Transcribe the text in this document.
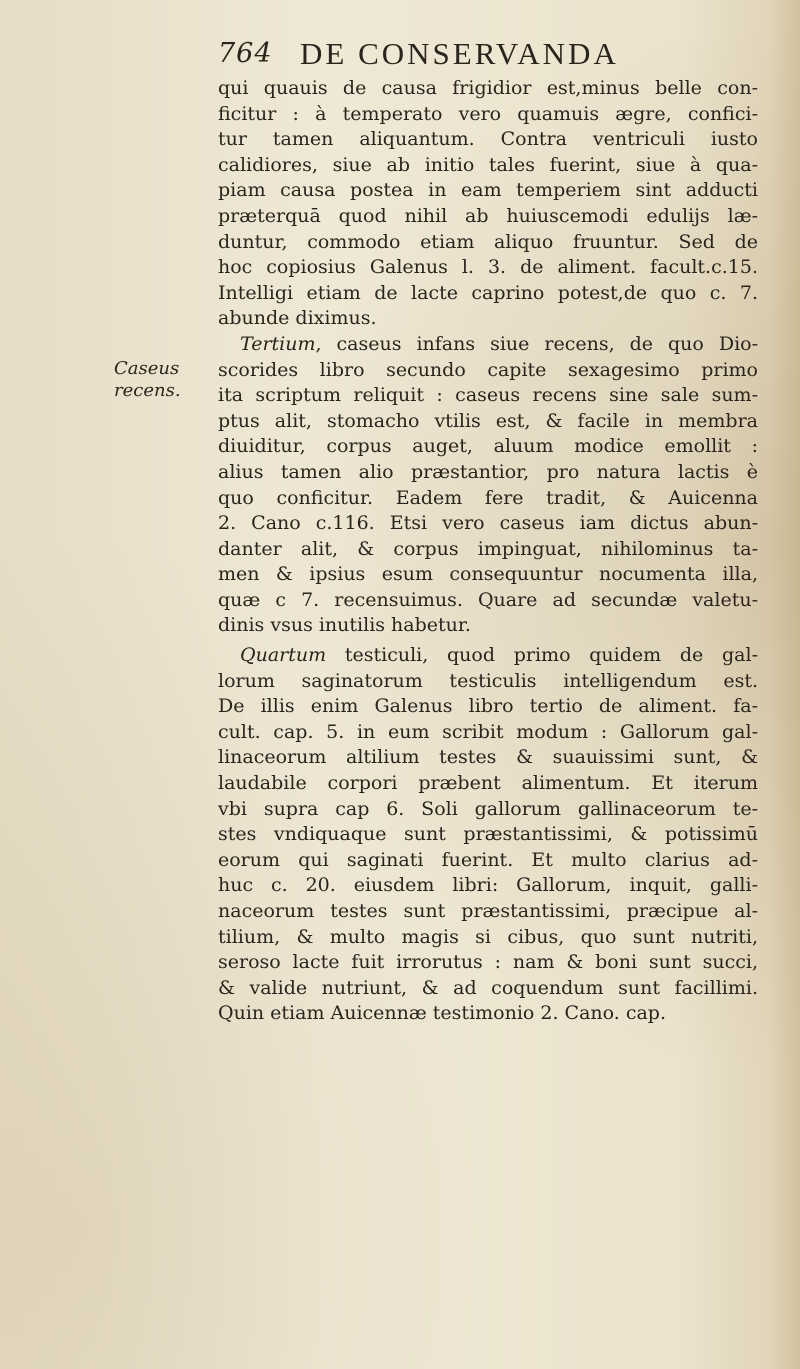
764 DE CONSERVANDA
Caseus
recens.
qui quauis de causa frigidior est,minus belle con-
ficitur : à temperato vero quamuis ægre, confici-
tur tamen aliquantum. Contra ventriculi iusto
calidiores, siue ab initio tales fuerint, siue à qua-
piam causa postea in eam temperiem sint adducti
præterquā quod nihil ab huiuscemodi edulijs læ-
duntur, commodo etiam aliquo fruuntur. Sed de
hoc copiosius Galenus l. 3. de aliment. facult.c.15.
Intelligi etiam de lacte caprino potest,de quo c. 7.
abunde diximus.
Tertium, caseus infans siue recens, de quo Dio-
scorides libro secundo capite sexagesimo primo
ita scriptum reliquit : caseus recens sine sale sum-
ptus alit, stomacho vtilis est, & facile in membra
diuiditur, corpus auget, aluum modice emollit :
alius tamen alio præstantior, pro natura lactis è
quo conficitur. Eadem fere tradit, & Auicenna
2. Cano c.116. Etsi vero caseus iam dictus abun-
danter alit, & corpus impinguat, nihilominus ta-
men & ipsius esum consequuntur nocumenta illa,
quæ c 7. recensuimus. Quare ad secundæ valetu-
dinis vsus inutilis habetur.
Quartum testiculi, quod primo quidem de gal-
lorum saginatorum testiculis intelligendum est.
De illis enim Galenus libro tertio de aliment. fa-
cult. cap. 5. in eum scribit modum : Gallorum gal-
linaceorum altilium testes & suauissimi sunt, &
laudabile corpori præbent alimentum. Et iterum
vbi supra cap 6. Soli gallorum gallinaceorum te-
stes vndiquaque sunt præstantissimi, & potissimū
eorum qui saginati fuerint. Et multo clarius ad-
huc c. 20. eiusdem libri: Gallorum, inquit, galli-
naceorum testes sunt præstantissimi, præcipue al-
tilium, & multo magis si cibus, quo sunt nutriti,
seroso lacte fuit irrorutus : nam & boni sunt succi,
& valide nutriunt, & ad coquendum sunt facillimi.
Quin etiam Auicennæ testimonio 2. Cano. cap.
